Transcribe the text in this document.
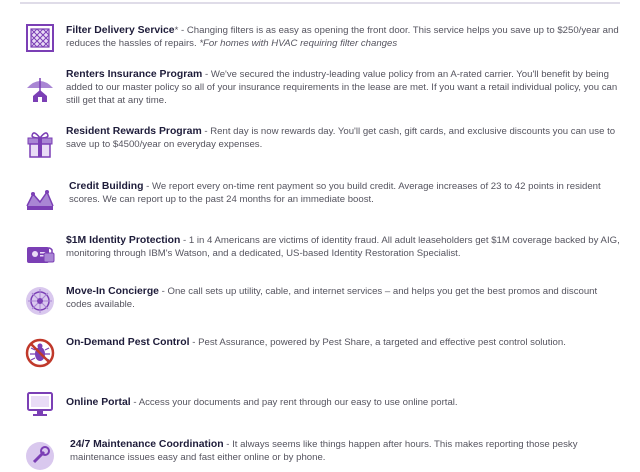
Filter Delivery Service* - Changing filters is as easy as opening the front door. This service helps you save up to $250/year and reduces the hassles of repairs. *For homes with HVAC requiring filter changes
Renters Insurance Program - We've secured the industry-leading value policy from an A-rated carrier. You'll benefit by being added to our master policy so all of your insurance requirements in the lease are met. If you want a retail individual policy, you can still get that at any time.
Resident Rewards Program - Rent day is now rewards day. You'll get cash, gift cards, and exclusive discounts you can use to save up to $4500/year on everyday expenses.
Credit Building - We report every on-time rent payment so you build credit. Average increases of 23 to 42 points in resident scores. We can report up to the past 24 months for an immediate boost.
$1M Identity Protection - 1 in 4 Americans are victims of identity fraud. All adult leaseholders get $1M coverage backed by AIG, monitoring through IBM's Watson, and a dedicated, US-based Identity Restoration Specialist.
Move-In Concierge - One call sets up utility, cable, and internet services – and helps you get the best promos and discount codes available.
On-Demand Pest Control - Pest Assurance, powered by Pest Share, a targeted and effective pest control solution.
Online Portal - Access your documents and pay rent through our easy to use online portal.
24/7 Maintenance Coordination - It always seems like things happen after hours. This makes reporting those pesky maintenance issues easy and fast either online or by phone.
